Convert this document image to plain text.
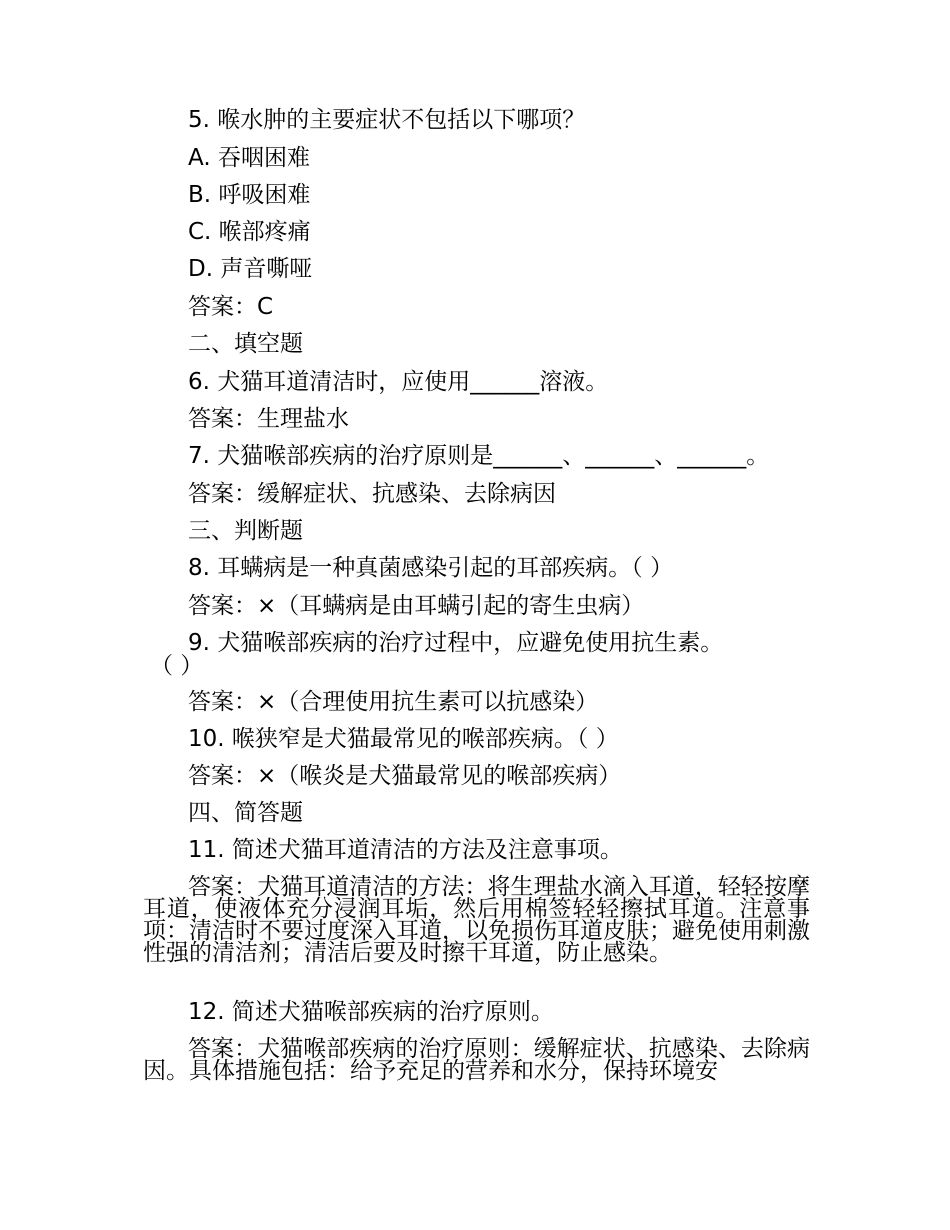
5. 喉水肿的主要症状不包括以下哪项？
A. 吞咽困难
B. 呼吸困难
C. 喉部疼痛
D. 声音嘶哑
答案：C
二、填空题
6. 犬猫耳道清洁时，应使用______溶液。
答案：生理盐水
7. 犬猫喉部疾病的治疗原则是______、______、______。
答案：缓解症状、抗感染、去除病因
三、判断题
8. 耳螨病是一种真菌感染引起的耳部疾病。（ ）
答案：×（耳螨病是由耳螨引起的寄生虫病）
9. 犬猫喉部疾病的治疗过程中，应避免使用抗生素。
（ ）
答案：×（合理使用抗生素可以抗感染）
10. 喉狭窄是犬猫最常见的喉部疾病。（ ）
答案：×（喉炎是犬猫最常见的喉部疾病）
四、简答题
11. 简述犬猫耳道清洁的方法及注意事项。
答案：犬猫耳道清洁的方法：将生理盐水滴入耳道，轻轻按摩耳道，使液体充分浸润耳垢，然后用棉签轻轻擦拭耳道。注意事项：清洁时不要过度深入耳道，以免损伤耳道皮肤；避免使用刺激性强的清洁剂；清洁后要及时擦干耳道，防止感染。
12. 简述犬猫喉部疾病的治疗原则。
答案：犬猫喉部疾病的治疗原则：缓解症状、抗感染、去除病因。具体措施包括：给予充足的营养和水分，保持环境安
